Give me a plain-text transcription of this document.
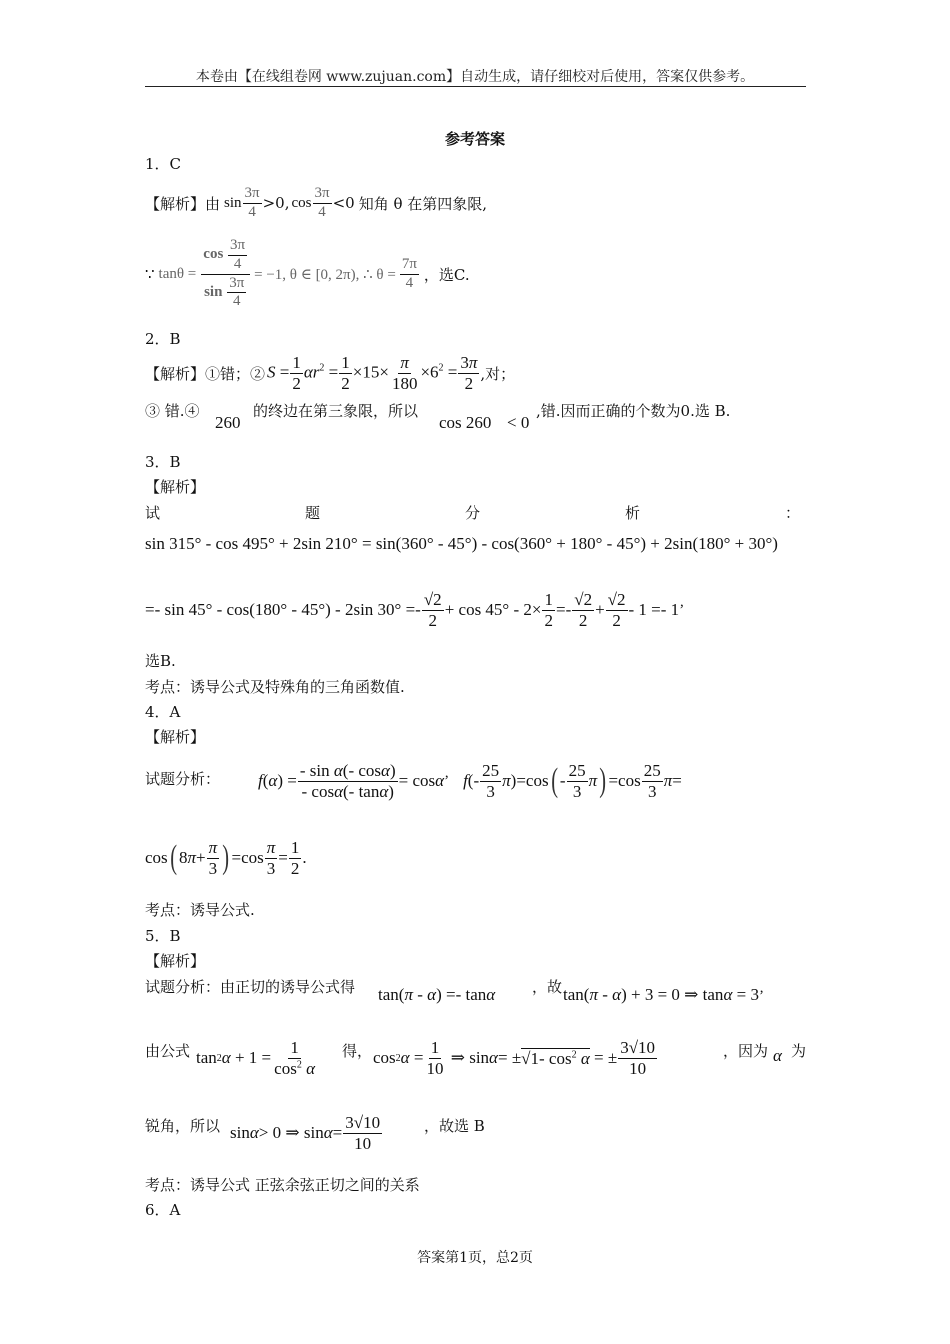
本卷由【在线组卷网 www.zujuan.com】自动生成，请仔细校对后使用，答案仅供参考。
参考答案
1．C
【解析】由 $\sin \frac{3\pi}{4} >0$, $\cos \frac{3\pi}{4} <0$ 知角 θ 在第四象限,
∵ tanθ = cos
$\frac{3\pi}{4}$
sin
$\frac{3\pi}{4} = -1$, θ ∈ [0, 2π), ∴ $\theta = \frac{7\pi}{4}$ ，选C.
2．B
【解析】①错；② $S = \frac{1}{2} \alpha r^2 = \frac{1}{2} \times 15\times \frac{\pi}{180} \times 6^2 = \frac{3\pi}{2}$ ,对；
③ 错.④
260
的终边在第三象限，所以
cos 260 < 0
,错.因而正确的个数为0.选 B.
3．B
【解析】
试	题	分	析	：
sin 315° - cos 495° + 2sin 210° = sin(360° - 45°) - cos(360° + 180° - 45°) + 2sin(180° + 30°)
=- sin 45° - cos(180° - 45°) - 2sin $30^\circ =- \frac{√2}{2} + \cos 45^\circ - 2\times \frac{1}{2} =- \frac{√2}{2} + \frac{√2}{2} - 1 =- 1$ ’
选B.
考点：诱导公式及特殊角的三角函数值.
4．A
【解析】
试题分析： f ( α ) = $\frac{\text{- sin α(- cosα)}}{- \cos\alpha(- \tan\alpha)} = \cos\alpha$ ’ f (- $\frac{25}{3}$ π )=cos ( - $\frac{25}{3}$ π ) $=\cos \frac{25}{3}$ π =
cos ( 8 $\pi + \frac{\pi}{3}$ ) $=\cos \frac{\pi}{3} = \frac{1}{2}$ .
考点：诱导公式.
5．B
【解析】
试题分析：由正切的诱导公式得 tan(π - α) =- tanα ，故 tan(π - α) + 3 = 0 ⇒ tanα = 3’
由公式 tan 2 $\alpha + 1 = \frac{1}{\cos^2 \alpha}$ 得， cos 2 $\alpha = \frac{1}{10}$ ⇒ sin α = ± √ 1- $\cos^2 \alpha$ = ± $\frac{3√10}{10}$	，因为 α 为
锐角，所以 sin α > 0 ⇒ $\sin \alpha = \frac{3√10}{10}$	，故选 B
考点：诱导公式 正弦余弦正切之间的关系
6．A
答案第1页，总2页
